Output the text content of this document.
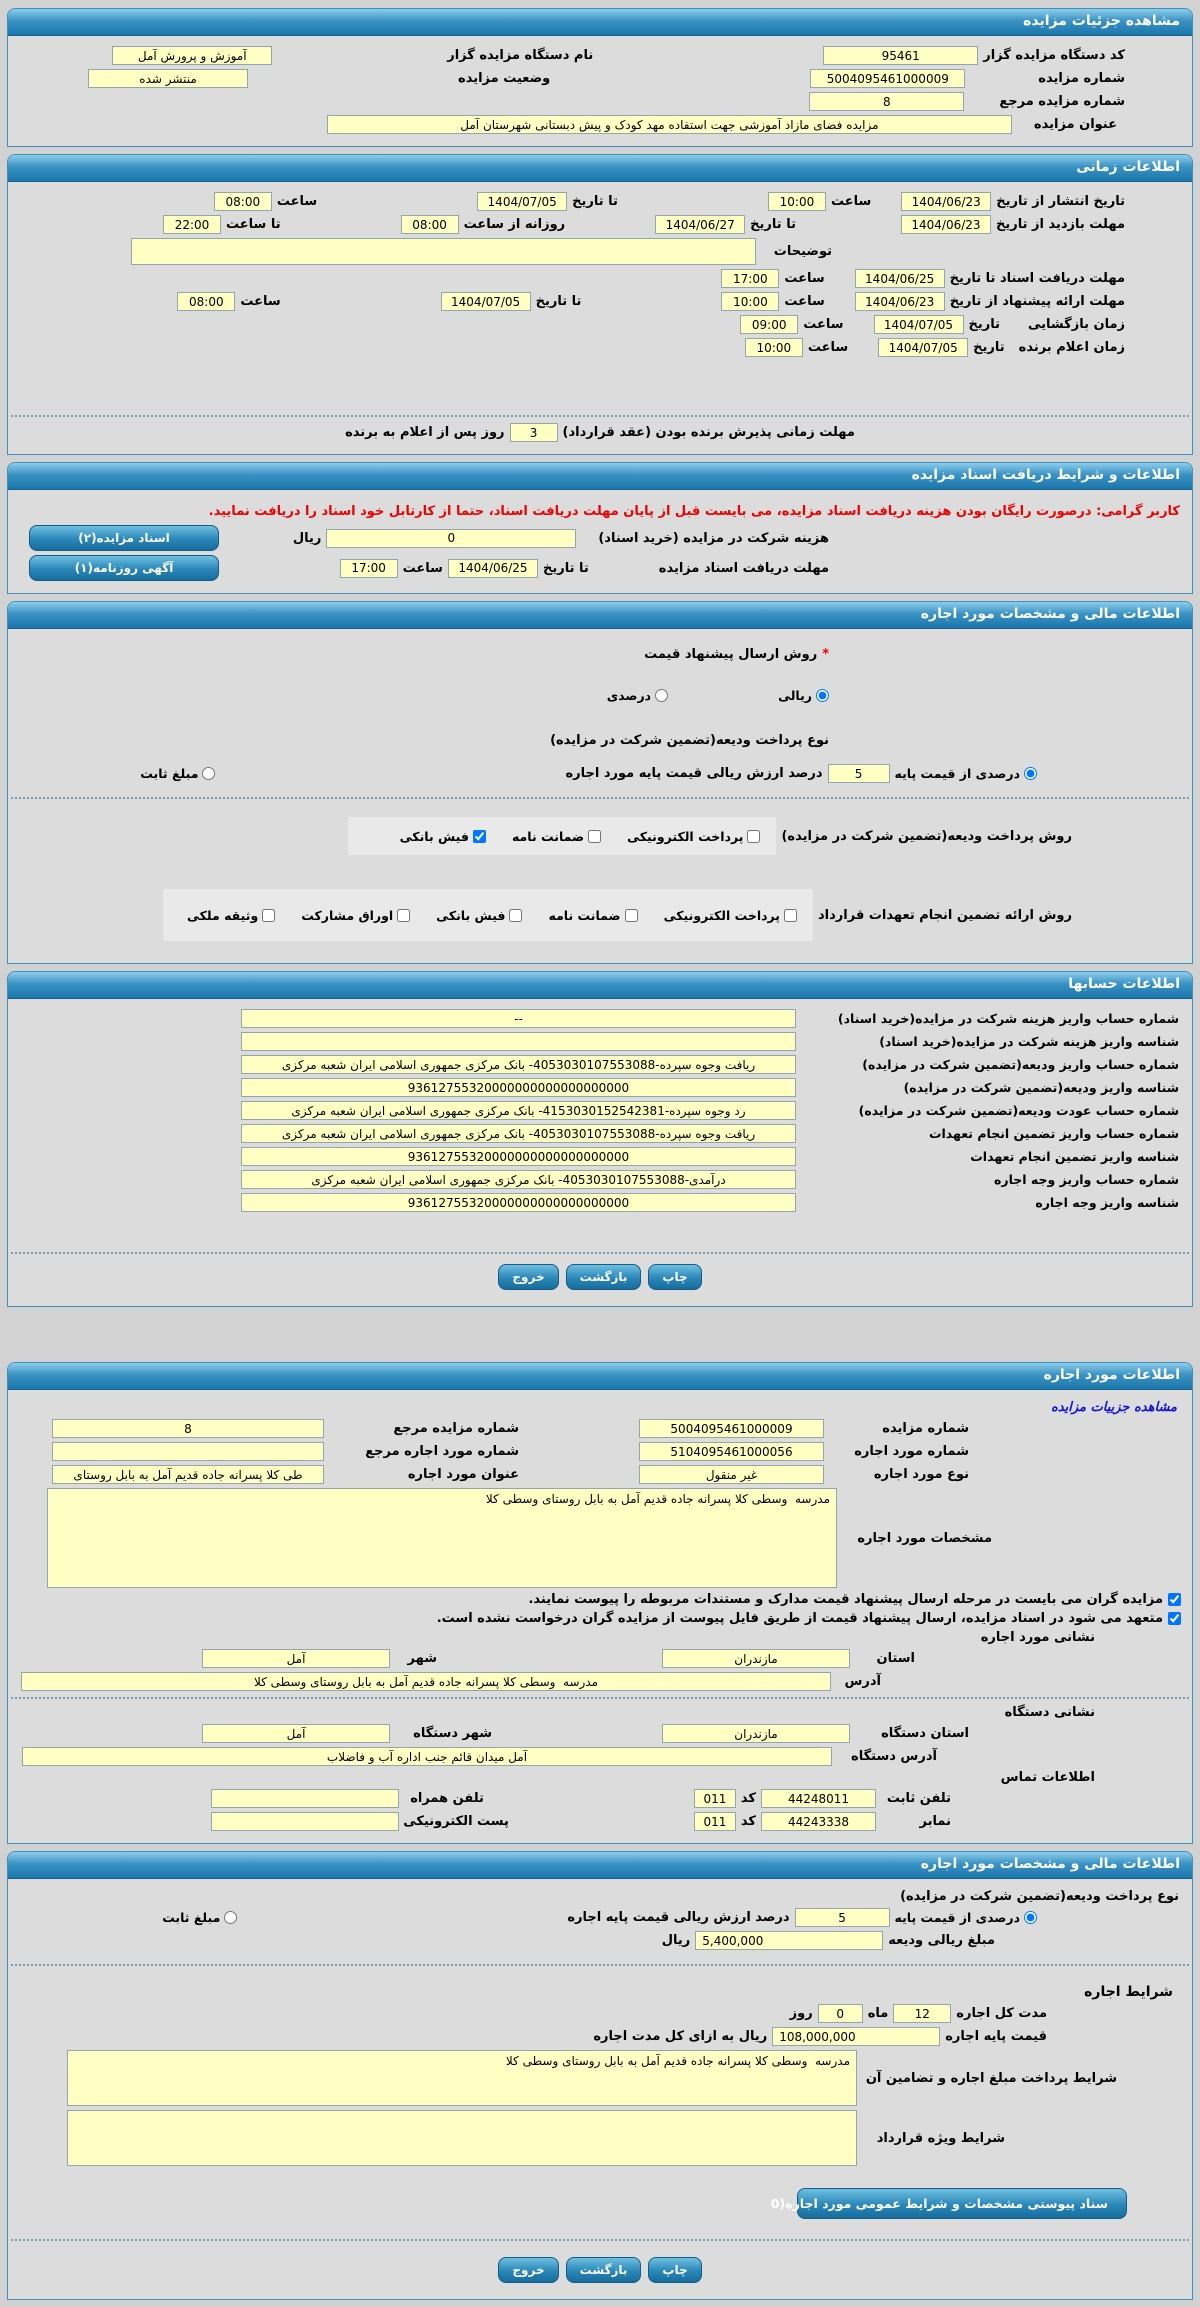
مشاهده جزئیات مزایده
کد دستگاه مزایده گزار
95461
نام دستگاه مزایده گزار
آموزش و پرورش آمل
شماره مزایده
5004095461000009
وضعیت مزایده
منتشر شده
شماره مزایده مرجع
8
عنوان مزایده
مزایده فضای مازاد آموزشی جهت استفاده مهد کودک و پیش دبستانی شهرستان آمل
اطلاعات زمانی
تاریخ انتشار از تاریخ
1404/06/23
ساعت
10:00
تا تاریخ
1404/07/05
ساعت
08:00
مهلت بازدید از تاریخ
1404/06/23
تا تاریخ
1404/06/27
روزانه از ساعت
08:00
تا ساعت
22:00
توضیحات
مهلت دریافت اسناد تا تاریخ
1404/06/25
ساعت
17:00
مهلت ارائه پیشنهاد از تاریخ
1404/06/23
ساعت
10:00
تا تاریخ
1404/07/05
ساعت
08:00
زمان بازگشایی
تاریخ
1404/07/05
ساعت
09:00
زمان اعلام برنده
تاریخ
1404/07/05
ساعت
10:00
مهلت زمانی پذیرش برنده بودن (عقد قرارداد)
3
روز پس از اعلام به برنده
اطلاعات و شرایط دریافت اسناد مزایده
کاربر گرامی: درصورت رایگان بودن هزینه دریافت اسناد مزایده، می بایست قبل از پایان مهلت دریافت اسناد، حتما از کارتابل خود اسناد را دریافت نمایید.
هزینه شرکت در مزایده (خرید اسناد)
0
ریال
اسناد مزایده(۲)
مهلت دریافت اسناد مزایده
تا تاریخ
1404/06/25
ساعت
17:00
آگهی روزنامه(۱)
اطلاعات مالی و مشخصات مورد اجاره
*
روش ارسال پیشنهاد قیمت
ریالی
درصدی
نوع پرداخت ودیعه(تضمین شرکت در مزایده)
درصدی از قیمت پایه
5
درصد ارزش ریالی قیمت پایه مورد اجاره
مبلغ ثابت
روش پرداخت ودیعه(تضمین شرکت در مزایده)
پرداخت الکترونیکی
ضمانت نامه
فیش بانکی
روش ارائه تضمین انجام تعهدات قرارداد
پرداخت الکترونیکی
ضمانت نامه
فیش بانکی
اوراق مشارکت
وثیقه ملکی
اطلاعات حسابها
شماره حساب واریز هزینه شرکت در مزایده(خرید اسناد)
--
شناسه واریز هزینه شرکت در مزایده(خرید اسناد)
شماره حساب واریز ودیعه(تضمین شرکت در مزایده)
ریافت وجوه سپرده-4053030107553088- بانک مرکزی جمهوری اسلامی ایران شعبه مرکزی
شناسه واریز ودیعه(تضمین شرکت در مزایده)
93612755320000000000000000000
شماره حساب عودت ودیعه(تضمین شرکت در مزایده)
رد وجوه سپرده-4153030152542381- بانک مرکزی جمهوری اسلامی ایران شعبه مرکزی
شماره حساب واریز تضمین انجام تعهدات
ریافت وجوه سپرده-4053030107553088- بانک مرکزی جمهوری اسلامی ایران شعبه مرکزی
شناسه واریز تضمین انجام تعهدات
93612755320000000000000000000
شماره حساب واریز وجه اجاره
درآمدی-4053030107553088- بانک مرکزی جمهوری اسلامی ایران شعبه مرکزی
شناسه واریز وجه اجاره
93612755320000000000000000000
چاپ
بازگشت
خروج
اطلاعات مورد اجاره
مشاهده جزییات مزایده
شماره مزایده
5004095461000009
شماره مزایده مرجع
8
شماره مورد اجاره
5104095461000056
شماره مورد اجاره مرجع
نوع مورد اجاره
غیر منقول
عنوان مورد اجاره
طی کلا پسرانه جاده قدیم آمل به بابل روستای
مشخصات مورد اجاره
مدرسه وسطی کلا پسرانه جاده قدیم آمل به بابل روستای وسطی کلا
مزایده گران می بایست در مرحله ارسال پیشنهاد قیمت مدارک و مستندات مربوطه را پیوست نمایند.
متعهد می شود در اسناد مزایده، ارسال پیشنهاد قیمت از طریق فایل پیوست از مزایده گران درخواست نشده است.
نشانی مورد اجاره
استان
مازندران
شهر
آمل
آدرس
مدرسه وسطی کلا پسرانه جاده قدیم آمل به بابل روستای وسطی کلا
نشانی دستگاه
استان دستگاه
مازندران
شهر دستگاه
آمل
آدرس دستگاه
آمل میدان قائم جنب اداره آب و فاضلاب
اطلاعات تماس
تلفن ثابت
44248011
کد
011
تلفن همراه
نمابر
44243338
کد
011
پست الکترونیکی
اطلاعات مالی و مشخصات مورد اجاره
نوع پرداخت ودیعه(تضمین شرکت در مزایده)
درصدی از قیمت پایه
5
درصد ارزش ریالی قیمت پایه اجاره
مبلغ ثابت
مبلغ ریالی ودیعه
5,400,000
ریال
شرایط اجاره
مدت کل اجاره
12
ماه
0
روز
قیمت پایه اجاره
108,000,000
ریال به ازای کل مدت اجاره
شرایط پرداخت مبلغ اجاره و تضامین آن
مدرسه وسطی کلا پسرانه جاده قدیم آمل به بابل روستای وسطی کلا
شرایط ویژه قرارداد
سناد پیوستی مشخصات و شرایط عمومی مورد اجاره(0
چاپ
بازگشت
خروج
